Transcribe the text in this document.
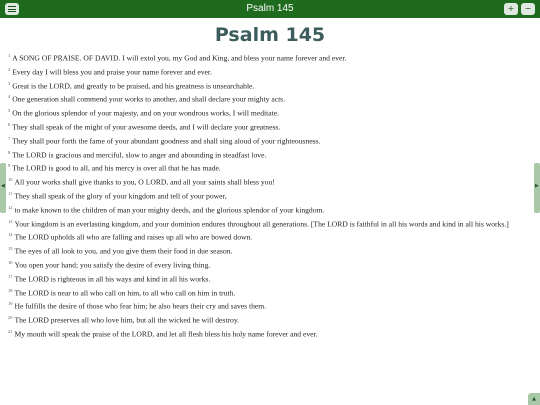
Psalm 145	+	−
Psalm 145
$^1$ A SONG OF PRAISE. OF DAVID. I will extol you, my God and King, and bless your name forever and ever.
$^2$ Every day I will bless you and praise your name forever and ever.
$^3$ Great is the LORD, and greatly to be praised, and his greatness is unsearchable.
$^4$ One generation shall commend your works to another, and shall declare your mighty acts.
$^5$ On the glorious splendor of your majesty, and on your wondrous works, I will meditate.
$^6$ They shall speak of the might of your awesome deeds, and I will declare your greatness.
$^7$ They shall pour forth the fame of your abundant goodness and shall sing aloud of your righteousness.
$^8$ The LORD is gracious and merciful, slow to anger and abounding in steadfast love.
$^9$ The LORD is good to all, and his mercy is over all that he has made.
$^{10}$ All your works shall give thanks to you, O LORD, and all your saints shall bless you!
$^{11}$ They shall speak of the glory of your kingdom and tell of your power,
$^{12}$ to make known to the children of man your mighty deeds, and the glorious splendor of your kingdom.
$^{13}$ Your kingdom is an everlasting kingdom, and your dominion endures throughout all generations. [The LORD is faithful in all his words and kind in all his works.]
$^{14}$ The LORD upholds all who are falling and raises up all who are bowed down.
$^{15}$ The eyes of all look to you, and you give them their food in due season.
$^{16}$ You open your hand; you satisfy the desire of every living thing.
$^{17}$ The LORD is righteous in all his ways and kind in all his works.
$^{18}$ The LORD is near to all who call on him, to all who call on him in truth.
$^{19}$ He fulfills the desire of those who fear him; he also hears their cry and saves them.
$^{20}$ The LORD preserves all who love him, but all the wicked he will destroy.
$^{21}$ My mouth will speak the praise of the LORD, and let all flesh bless his holy name forever and ever.
◀	▶
▲
